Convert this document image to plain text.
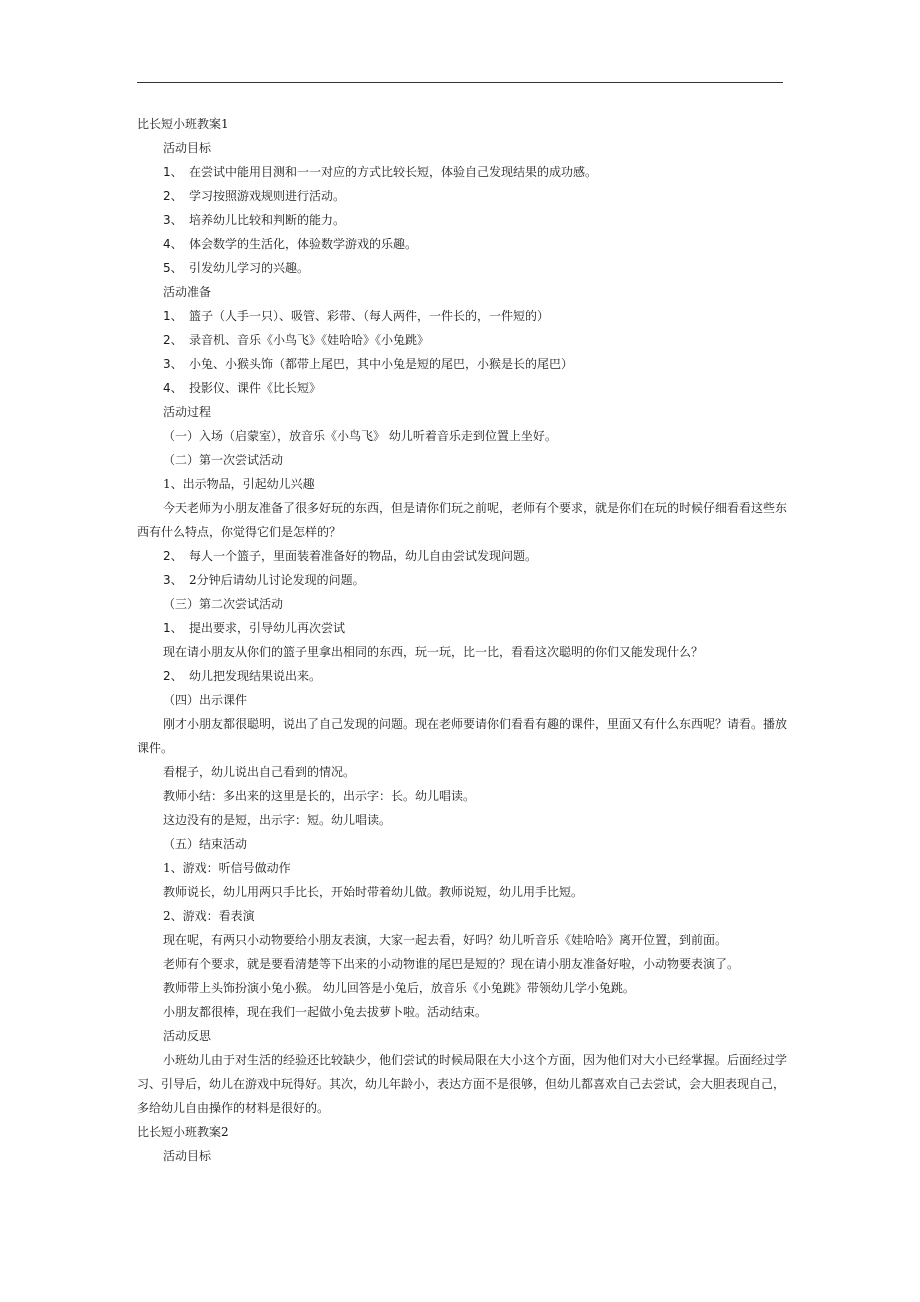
比长短小班教案1
活动目标
1、 在尝试中能用目测和一一对应的方式比较长短，体验自己发现结果的成功感。
2、 学习按照游戏规则进行活动。
3、 培养幼儿比较和判断的能力。
4、 体会数学的生活化，体验数学游戏的乐趣。
5、 引发幼儿学习的兴趣。
活动准备
1、 篮子（人手一只）、吸管、彩带、（每人两件，一件长的，一件短的）
2、 录音机、音乐《小鸟飞》《娃哈哈》《小兔跳》
3、 小兔、小猴头饰（都带上尾巴，其中小兔是短的尾巴，小猴是长的尾巴）
4、 投影仪、课件《比长短》
活动过程
（一）入场（启蒙室），放音乐《小鸟飞》 幼儿听着音乐走到位置上坐好。
（二）第一次尝试活动
1、出示物品，引起幼儿兴趣
今天老师为小朋友准备了很多好玩的东西，但是请你们玩之前呢，老师有个要求，就是你们在玩的时候仔细看看这些东西有什么特点，你觉得它们是怎样的？
2、 每人一个篮子，里面装着准备好的物品，幼儿自由尝试发现问题。
3、 2分钟后请幼儿讨论发现的问题。
（三）第二次尝试活动
1、 提出要求，引导幼儿再次尝试
现在请小朋友从你们的篮子里拿出相同的东西，玩一玩，比一比，看看这次聪明的你们又能发现什么？
2、 幼儿把发现结果说出来。
（四）出示课件
刚才小朋友都很聪明，说出了自己发现的问题。现在老师要请你们看看有趣的课件，里面又有什么东西呢？请看。播放课件。
看棍子，幼儿说出自己看到的情况。
教师小结：多出来的这里是长的，出示字：长。幼儿唱读。
这边没有的是短，出示字：短。幼儿唱读。
（五）结束活动
1、游戏：听信号做动作
教师说长，幼儿用两只手比长，开始时带着幼儿做。教师说短，幼儿用手比短。
2、游戏：看表演
现在呢，有两只小动物要给小朋友表演，大家一起去看，好吗？幼儿听音乐《娃哈哈》离开位置，到前面。
老师有个要求，就是要看清楚等下出来的小动物谁的尾巴是短的？现在请小朋友准备好啦，小动物要表演了。
教师带上头饰扮演小兔小猴。 幼儿回答是小兔后，放音乐《小兔跳》带领幼儿学小兔跳。
小朋友都很棒，现在我们一起做小兔去拔萝卜啦。活动结束。
活动反思
小班幼儿由于对生活的经验还比较缺少，他们尝试的时候局限在大小这个方面，因为他们对大小已经掌握。后面经过学习、引导后，幼儿在游戏中玩得好。其次，幼儿年龄小，表达方面不是很够，但幼儿都喜欢自己去尝试，会大胆表现自己，多给幼儿自由操作的材料是很好的。
比长短小班教案2
活动目标
